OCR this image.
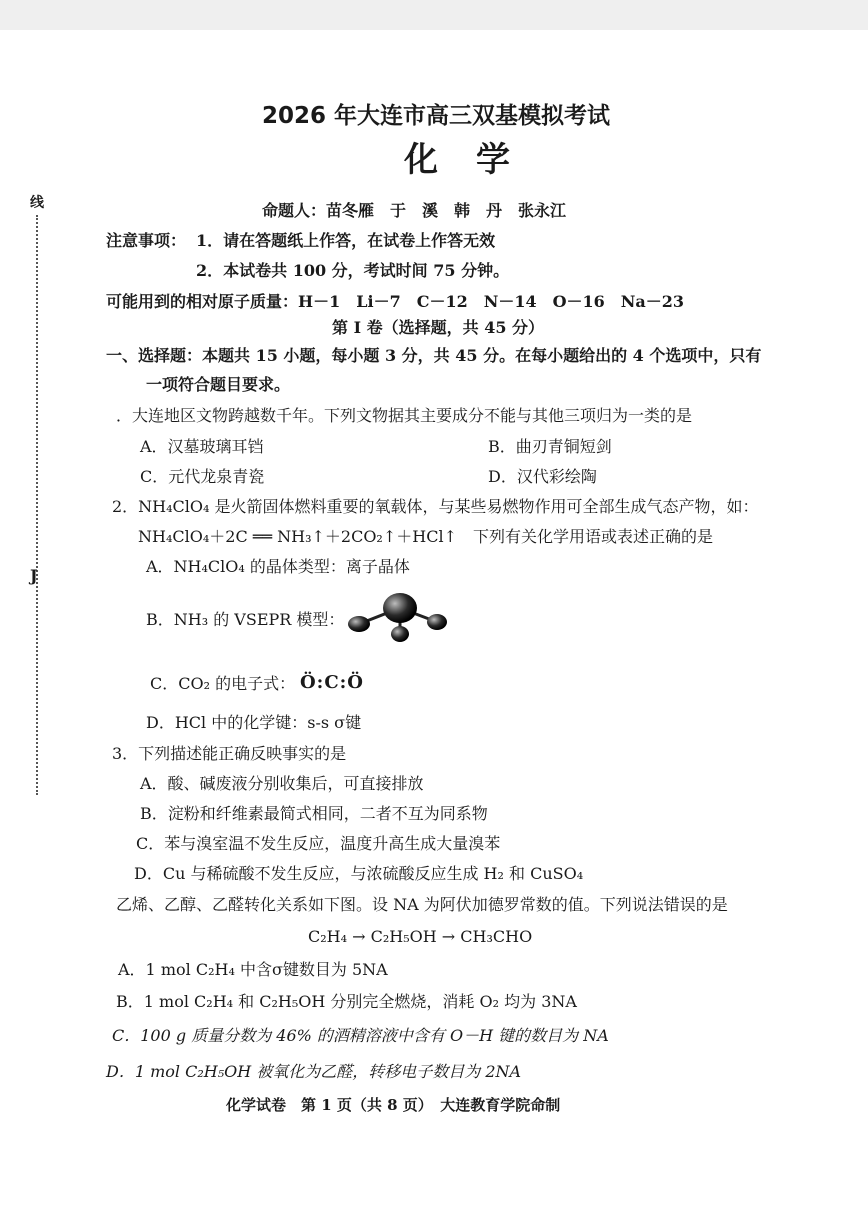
线
J
2026 年大连市高三双基模拟考试
化学
命题人：苗冬雁　于　溪　韩　丹　张永江
注意事项： 1．请在答题纸上作答，在试卷上作答无效
2．本试卷共 100 分，考试时间 75 分钟。
可能用到的相对原子质量：H－1　Li－7　C－12　N－14　O－16　Na－23
第 I 卷（选择题，共 45 分）
一、选择题：本题共 15 小题，每小题 3 分，共 45 分。在每小题给出的 4 个选项中，只有
一项符合题目要求。
．大连地区文物跨越数千年。下列文物据其主要成分不能与其他三项归为一类的是
A．汉墓玻璃耳铛	B．曲刃青铜短剑
C．元代龙泉青瓷	D．汉代彩绘陶
2．NH₄ClO₄ 是火箭固体燃料重要的氧载体，与某些易燃物作用可全部生成气态产物，如：
NH₄ClO₄＋2C ══ NH₃↑＋2CO₂↑＋HCl↑　下列有关化学用语或表述正确的是
A．NH₄ClO₄ 的晶体类型：离子晶体
B．NH₃ 的 VSEPR 模型：
C．CO₂ 的电子式： Ö:C:Ö
D．HCl 中的化学键：s-s σ键
3．下列描述能正确反映事实的是
A．酸、碱废液分别收集后，可直接排放
B．淀粉和纤维素最简式相同，二者不互为同系物
C．苯与溴室温不发生反应，温度升高生成大量溴苯
D．Cu 与稀硫酸不发生反应，与浓硫酸反应生成 H₂ 和 CuSO₄
乙烯、乙醇、乙醛转化关系如下图。设 NA 为阿伏加德罗常数的值。下列说法错误的是
C₂H₄ → C₂H₅OH → CH₃CHO
A．1 mol C₂H₄ 中含σ键数目为 5NA
B．1 mol C₂H₄ 和 C₂H₅OH 分别完全燃烧，消耗 O₂ 均为 3NA
C．100 g 质量分数为 46% 的酒精溶液中含有 O－H 键的数目为 NA
D．1 mol C₂H₅OH 被氧化为乙醛，转移电子数目为 2NA
化学试卷　第 1 页（共 8 页）　大连教育学院命制
